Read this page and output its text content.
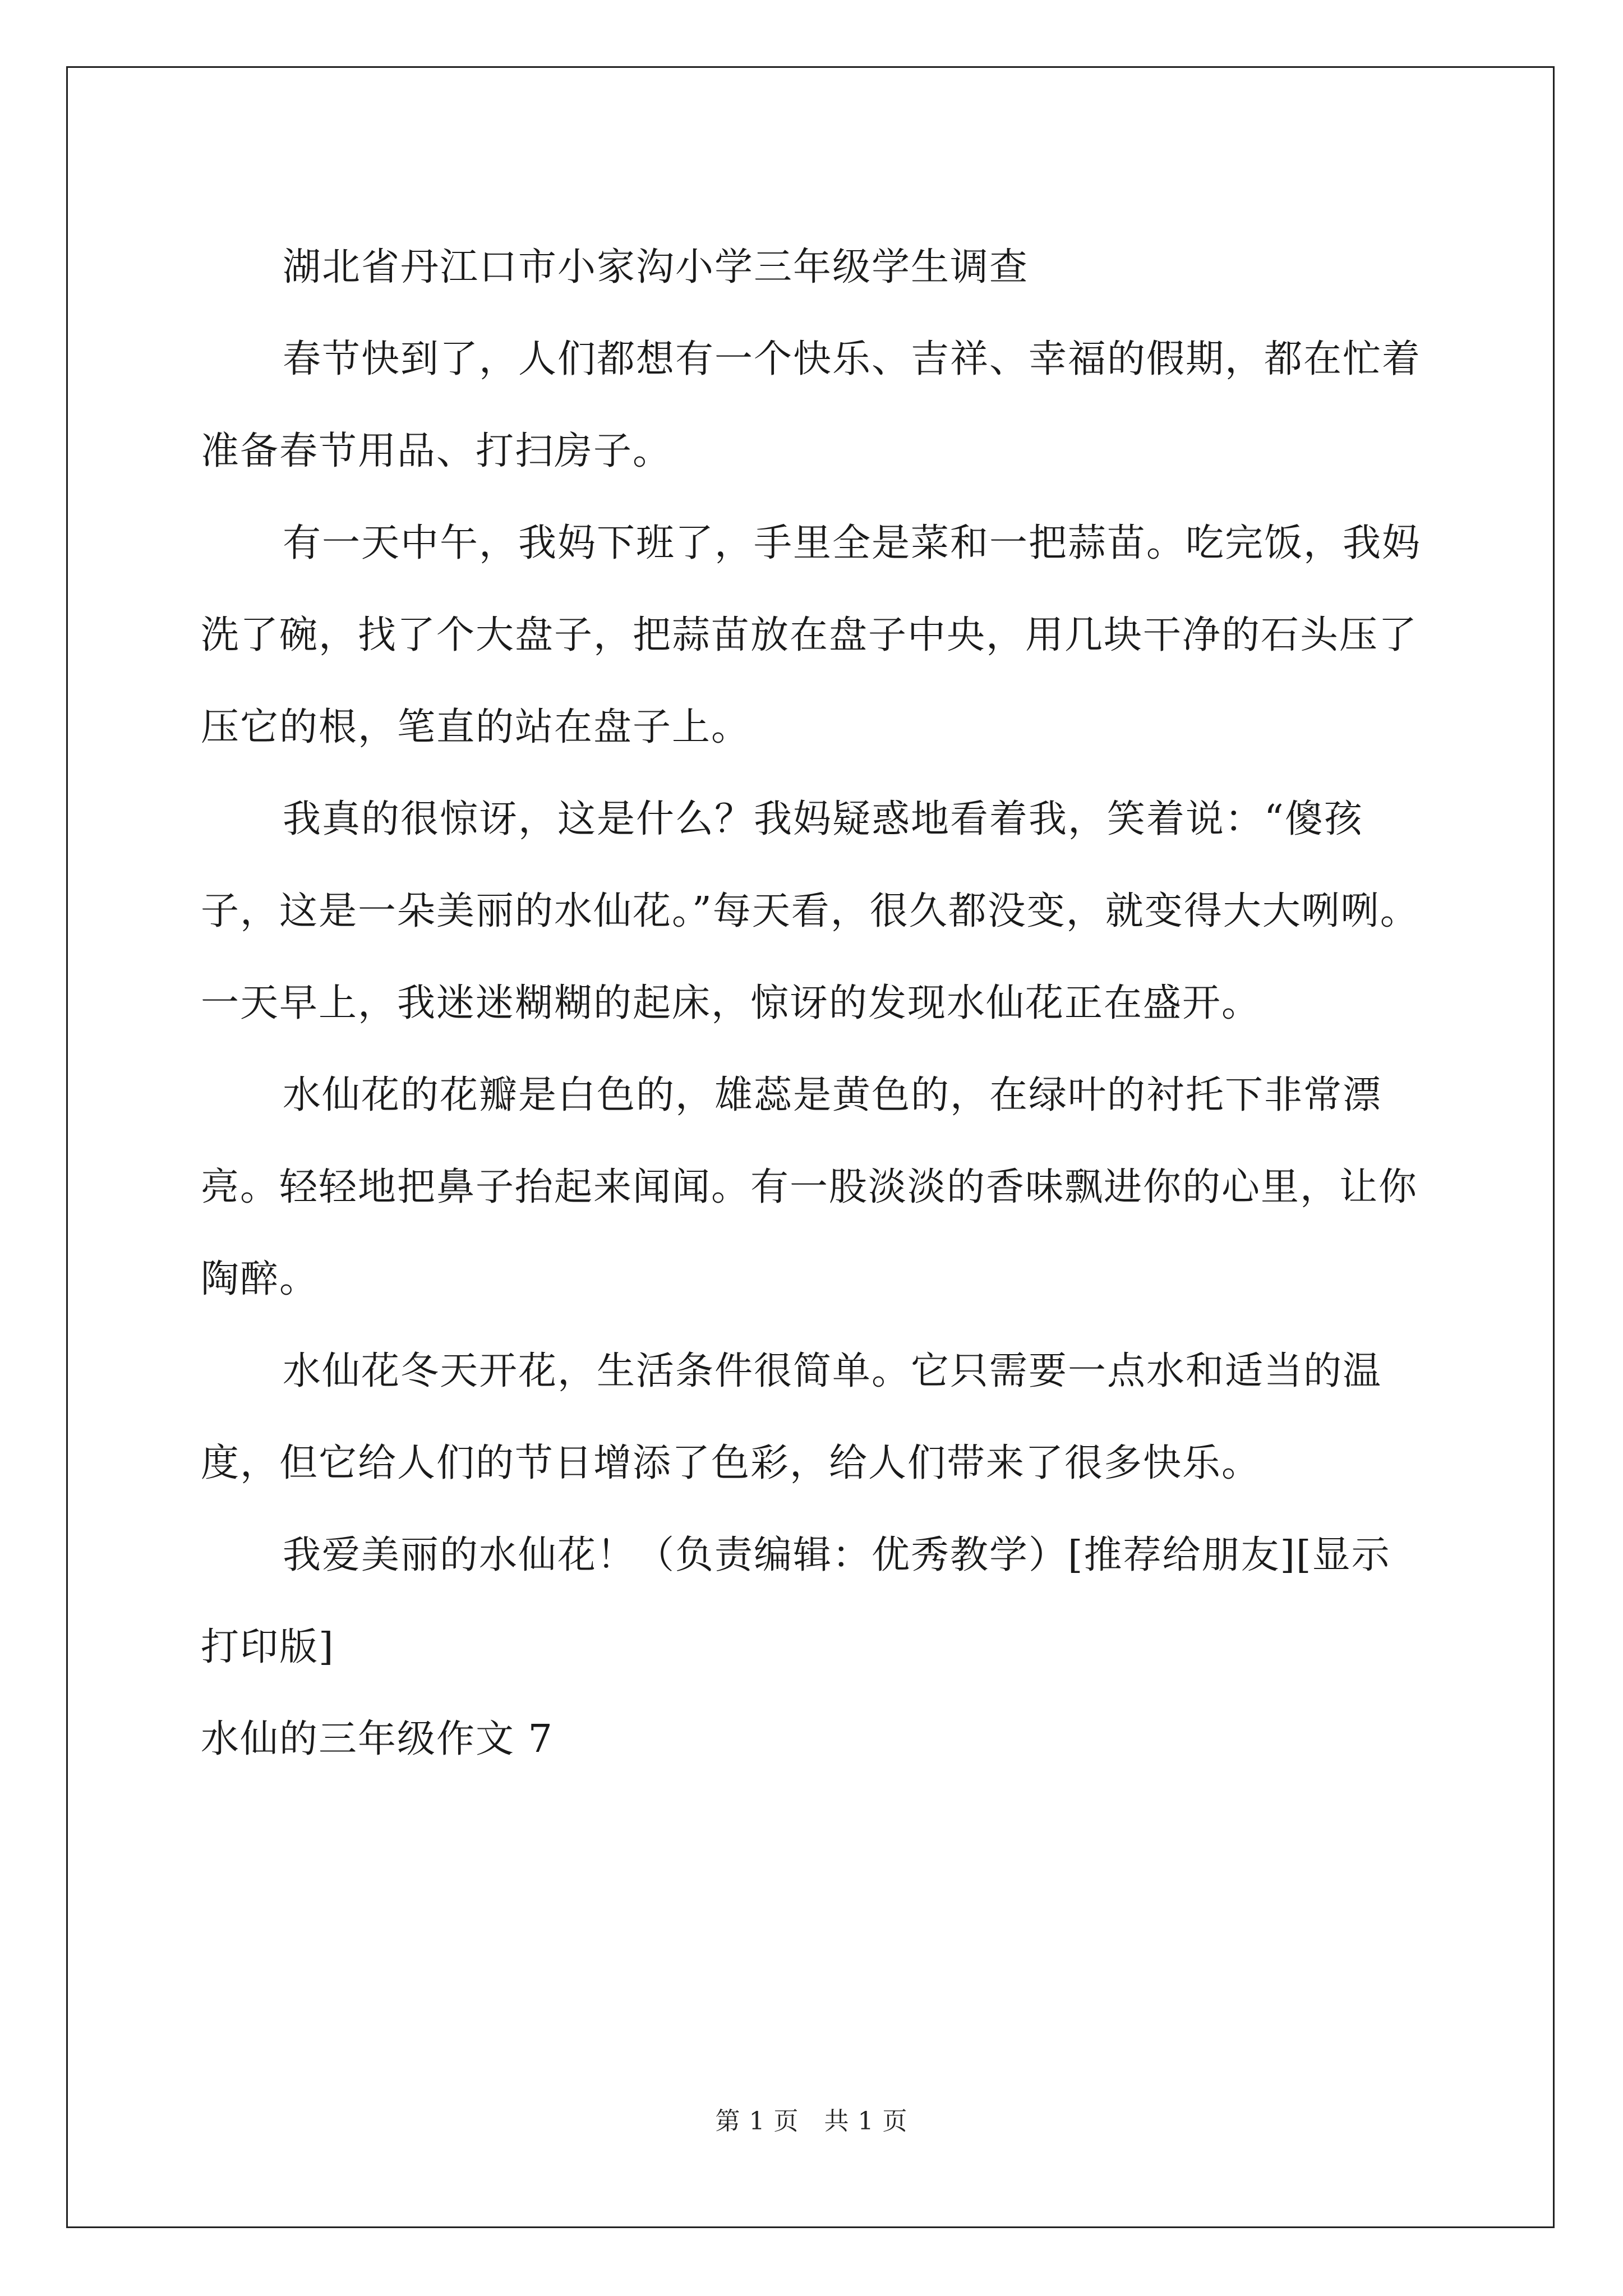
湖北省丹江口市小家沟小学三年级学生调查

春节快到了，人们都想有一个快乐、吉祥、幸福的假期，都在忙着准备春节用品、打扫房子。

有一天中午，我妈下班了，手里全是菜和一把蒜苗。吃完饭，我妈洗了碗，找了个大盘子，把蒜苗放在盘子中央，用几块干净的石头压了压它的根，笔直的站在盘子上。

我真的很惊讶，这是什么？我妈疑惑地看着我，笑着说：“傻孩子，这是一朵美丽的水仙花。”每天看，很久都没变，就变得大大咧咧。一天早上，我迷迷糊糊的起床，惊讶的发现水仙花正在盛开。

水仙花的花瓣是白色的，雄蕊是黄色的，在绿叶的衬托下非常漂亮。轻轻地把鼻子抬起来闻闻。有一股淡淡的香味飘进你的心里，让你陶醉。

水仙花冬天开花，生活条件很简单。它只需要一点水和适当的温度，但它给人们的节日增添了色彩，给人们带来了很多快乐。

我爱美丽的水仙花！（负责编辑：优秀教学）[推荐给朋友][显示打印版]

水仙的三年级作文 7

第 1 页　共 1 页
